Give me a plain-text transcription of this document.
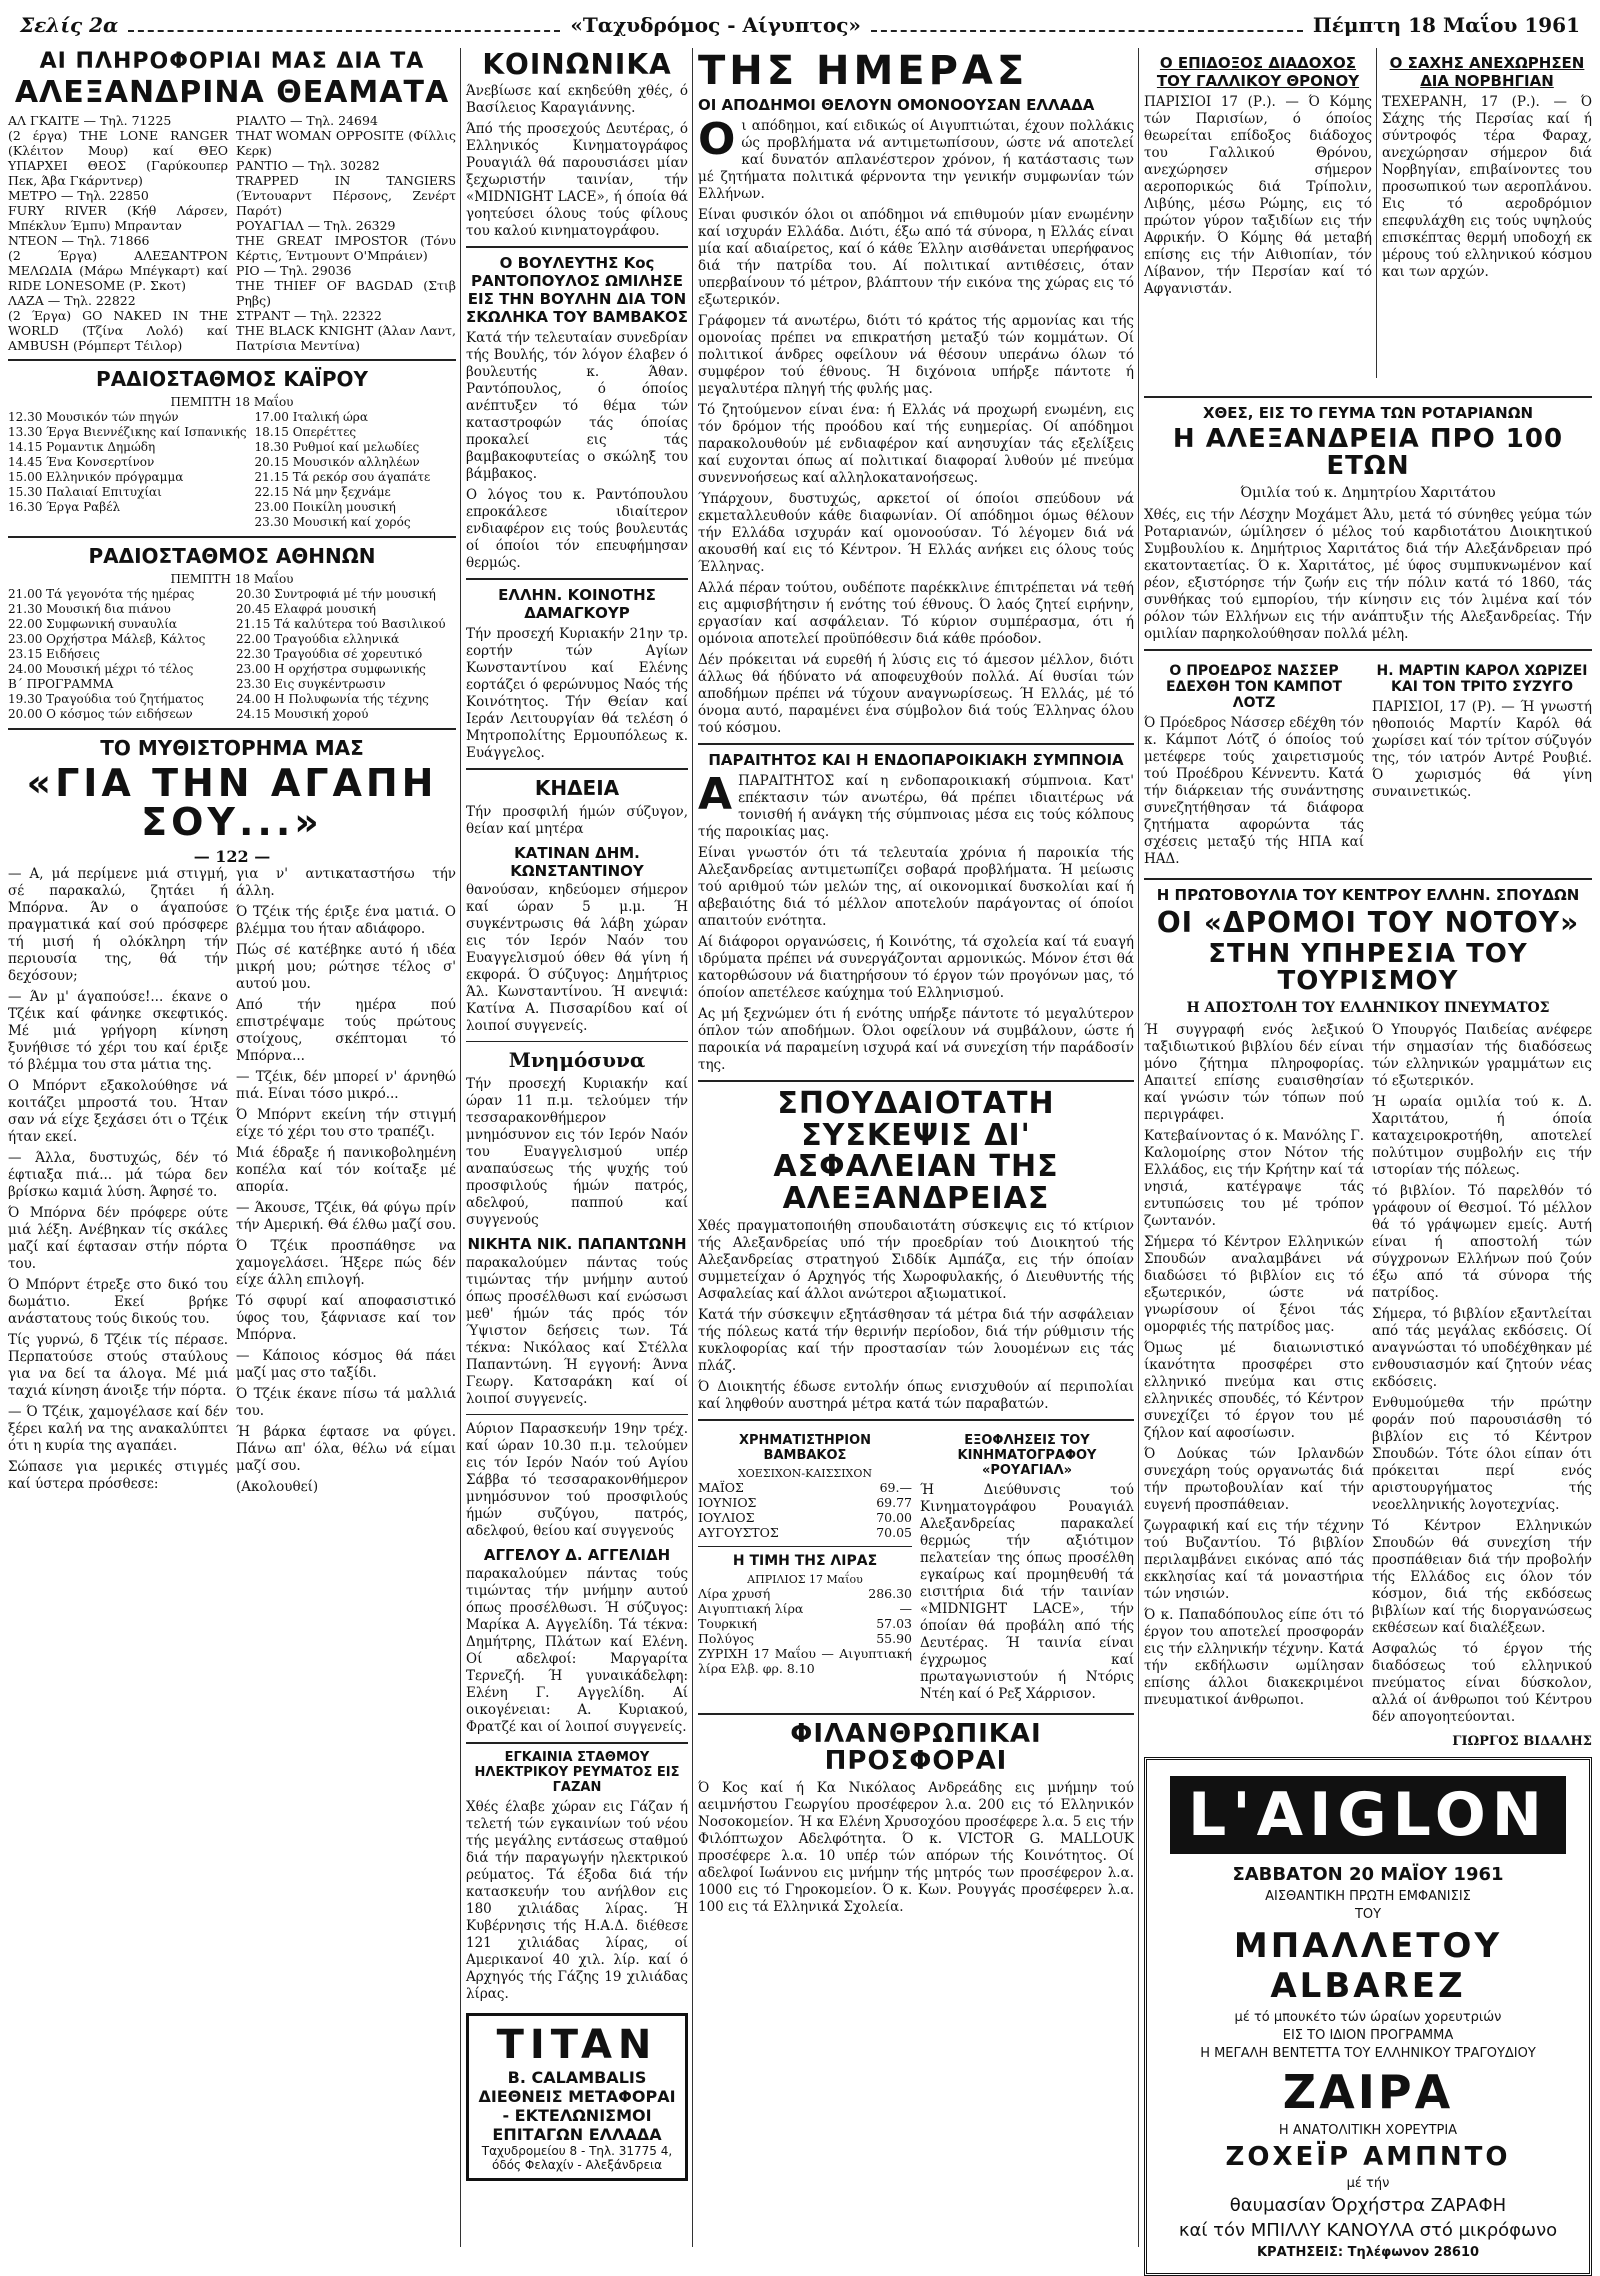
Σελίς 2α	«Ταχυδρόμος - Αίγυπτος»	Πέμπτη 18 Μαΐου 1961
ΑΙ ΠΛΗΡΟΦΟΡΙΑΙ ΜΑΣ ΔΙΑ ΤΑ
ΑΛΕΞΑΝΔΡΙΝΑ ΘΕΑΜΑΤΑ

ΑΛ ΓΚΑΙΤΕ — Τηλ. 71225

(2 έργα) THE LONE RANGER (Κλέιτον Μουρ) καί ΘΕΟ ΥΠΑΡΧΕΙ ΘΕΟΣ (Γαρύκουπερ Πεκ, Άβα Γκάρντνερ)

ΜΕΤΡΟ — Τηλ. 22850

FURY RIVER (Κήθ Λάρσεν, Μπέκλυν Έμπυ) Μπρανταν

ΝΤΕΟΝ — Τηλ. 71866

(2 Έργα) ΑΛΕΞΑΝΤΡΟΝ ΜΕΛΩΔΙΑ (Μάρω Μπέγκαρτ) καί RIDE LONESOME (Ρ. Σκοτ)

ΛΑΖΑ — Τηλ. 22822

(2 Έργα) GO NAKED IN THE WORLD (Τζίνα Λολό) καί AMBUSH (Ρόμπερτ Τέιλορ)

ΡΙΑΛΤΟ — Τηλ. 24694

THAT WOMAN OPPOSITE (Φίλλις Κερκ)

ΡΑΝΤΙΟ — Τηλ. 30282

TRAPPED IN TANGIERS (Έντουαρντ Πέρσονς, Ζενέρτ Παρότ)

ΡΟΥΑΓΙΑΛ — Τηλ. 26329

THE GREAT IMPOSTOR (Τόνυ Κέρτις, Έντμουντ Ο'Μπράιεν)

ΡΙΟ — Τηλ. 29036

THE THIEF OF BAGDAD (Στιβ Ρηβς)

ΣΤΡΑΝΤ — Τηλ. 22322

THE BLACK KNIGHT (Άλαν Λαντ, Πατρίσια Μεντίνα)

ΡΑΔΙΟΣΤΑΘΜΟΣ ΚΑΪΡΟΥ
ΠΕΜΠΤΗ 18 Μαΐου
12.30 Μουσικόν τών πηγών
13.30 Έργα Βιεννέζικης καί Ισπανικής
14.15 Ρομαντικ Δημώδη
14.45 Ένα Κονσερτίνον
15.00 Ελληνικόν πρόγραμμα
15.30 Παλαιαί Επιτυχίαι
16.30 Έργα Ραβέλ
17.00 Ιταλική ώρα
18.15 Οπερέττες
18.30 Ρυθμοί καί μελωδίες
20.15 Μουσικόν αλληλέων
21.15 Τά ρεκόρ σου άγαπάτε
22.15 Νά μην ξεχνάμε
23.00 Ποικίλη μουσική
23.30 Μουσική καί χορός
ΡΑΔΙΟΣΤΑΘΜΟΣ ΑΘΗΝΩΝ
ΠΕΜΠΤΗ 18 Μαΐου
21.00 Τά γεγονότα τής ημέρας
21.30 Μουσική δια πιάνου
22.00 Συμφωνική συναυλία
23.00 Ορχήστρα Μάλεβ, Κάλτος
23.15 Ειδήσεις
24.00 Μουσική μέχρι τό τέλος
Β΄ ΠΡΟΓΡΑΜΜΑ
19.30 Τραγούδια τού ζητήματος
20.00 Ο κόσμος τών ειδήσεων
20.30 Συντροφιά μέ τήν μουσική
20.45 Ελαφρά μουσική
21.15 Τά καλύτερα τού Βασιλικού
22.00 Τραγούδια ελληνικά
22.30 Τραγούδια σέ χορευτικό
23.00 Η ορχήστρα συμφωνικής
23.30 Εις συγκέντρωσιν
24.00 Η Πολυφωνία τής τέχνης
24.15 Μουσική χορού
ΤΟ ΜΥΘΙΣΤΟΡΗΜΑ ΜΑΣ
«ΓΙΑ ΤΗΝ ΑΓΑΠΗ ΣΟΥ...»
— 122 —

— Α, μά περίμενε μιά στιγμή, σέ παρακαλώ, ζητάει ή Μπόρνα. Άν ο άγαπούσε πραγματικά καί σού πρόσφερε τή μισή ή ολόκληρη τήν περιουσία της, θά τήν δεχόσουν;

— Άν μ' άγαπούσε!... έκανε ο Τζέικ καί φάνηκε σκεφτικός. Μέ μιά γρήγορη κίνηση ξυνήθισε τό χέρι του καί έριξε τό βλέμμα του στα μάτια της.

Ο Μπόρντ εξακολούθησε νά κοιτάζει μπροστά του. Ήταν σαν νά είχε ξεχάσει ότι ο Τζέικ ήταν εκεί.

— Άλλα, δυστυχώς, δέν τό έφτιαξα πιά... μά τώρα δεν βρίσκω καμιά λύση. Άφησέ το.

Ό Μπόρνα δέν πρόφερε ούτε μιά λέξη. Ανέβηκαν τίς σκάλες μαζί καί έφτασαν στήν πόρτα του.

Ό Μπόρντ έτρεξε στο δικό του δωμάτιο. Εκεί βρήκε ανάστατους τούς δικούς του.

Τίς γυρνώ, δ Τζέικ τίς πέρασε. Περπατούσε στούς σταύλους για να δεί τα άλογα. Μέ μιά ταχιά κίνηση άνοιξε τήν πόρτα.

— Ό Τζέικ, χαμογέλασε καί δέν ξέρει καλή να της ανακαλύπτει ότι η κυρία της αγαπάει.

Σώπασε για μερικές στιγμές καί ύστερα πρόσθεσε:

για ν' αντικαταστήσω τήν άλλη.

Ό Τζέικ τής έριξε ένα ματιά. Ο βλέμμα του ήταν αδιάφορο.

Πώς σέ κατέβηκε αυτό ή ιδέα μικρή μου; ρώτησε τέλος σ' αυτού μου.

Από τήν ημέρα πού επιστρέψαμε τούς πρώτους στοίχους, σκέπτομαι τό Μπόρνα...

— Τζέικ, δέν μπορεί ν' άρνηθώ πιά. Είναι τόσο μικρό...

Ό Μπόρντ εκείνη τήν στιγμή είχε τό χέρι του στο τραπέζι.

Μιά έδραξε ή πανικοβολημένη κοπέλα καί τόν κοίταξε μέ απορία.

— Άκουσε, Τζέικ, θά φύγω πρίν τήν Αμερική. Θά έλθω μαζί σου.

Ό Τζέικ προσπάθησε να χαμογελάσει. Ήξερε πώς δέν είχε άλλη επιλογή.

Τό σφυρί καί αποφασιστικό ύφος του, ξάφνιασε καί τον Μπόρνα.

— Κάποιος κόσμος θά πάει μαζί μας στο ταξίδι.

Ό Τζέικ έκανε πίσω τά μαλλιά του.

Ή βάρκα έφτασε να φύγει. Πάνω απ' όλα, θέλω νά είμαι μαζί σου.

(Ακολουθεί)

ΚΟΙΝΩΝΙΚΑ

Άνεβίωσε καί εκηδεύθη χθές, ό Βασίλειος Καραγιάννης.

Άπό τής προσεχούς Δευτέρας, ό Ελληνικός Κινηματογράφος Ρουαγιάλ θά παρουσιάσει μίαν ξεχωριστήν ταινίαν, τήν «MIDNIGHT LACE», ή όποία θά γοητεύσει όλους τούς φίλους του καλού κινηματογράφου.

Ο ΒΟΥΛΕΥΤΗΣ Κος ΡΑΝΤΟΠΟΥΛΟΣ ΩΜΙΛΗΣΕ ΕΙΣ ΤΗΝ ΒΟΥΛΗΝ ΔΙΑ ΤΟΝ ΣΚΩΛΗΚΑ ΤΟΥ ΒΑΜΒΑΚΟΣ

Κατά τήν τελευταίαν συνεδρίαν τής Βουλής, τόν λόγον έλαβεν ό βουλευτής κ. Άθαν. Ραντόπουλος, ό όποίος ανέπτυξεν τό θέμα τών καταστροφών τάς όποίας προκαλεί εις τάς βαμβακοφυτείας ο σκώληξ του βάμβακος.

Ο λόγος του κ. Ραντόπουλου επροκάλεσε ιδιαίτερον ενδιαφέρον εις τούς βουλευτάς οί όποίοι τόν επευφήμησαν θερμώς.

ΕΛΛΗΝ. ΚΟΙΝΟΤΗΣ ΔΑΜΑΓΚΟΥΡ

Τήν προσεχή Κυριακήν 21ην τρ. εορτήν τών Αγίων Κωνσταντίνου καί Ελένης εορτάζει ό φερώνυμος Ναός τής Κοινότητος. Τήν Θείαν καί Ιεράν Λειτουργίαν θά τελέση ό Μητροπολίτης Ερμουπόλεως κ. Ευάγγελος.

ΚΗΔΕΙΑ

Τήν προσφιλή ήμών σύζυγον, θείαν καί μητέρα

ΚΑΤΙΝΑΝ ΔΗΜ. ΚΩΝΣΤΑΝΤΙΝΟΥ

θανούσαν, κηδεύομεν σήμερον καί ώραν 5 μ.μ. Ή συγκέντρωσις θά λάβη χώραν εις τόν Ιερόν Ναόν του Ευαγγελισμού όθεν θά γίνη ή εκφορά. Ό σύζυγος: Δημήτριος Άλ. Κωνσταντίνου. Ή ανεψιά: Κατίνα Α. Πισσαρίδου καί οί λοιποί συγγενείς.

Μνημόσυνα

Τήν προσεχή Κυριακήν καί ώραν 11 π.μ. τελούμεν τήν τεσσαρακονθήμερον μνημόσυνον εις τόν Ιερόν Ναόν του Ευαγγελισμού υπέρ αναπαύσεως τής ψυχής τού προσφιλούς ήμών πατρός, αδελφού, παππού καί συγγενούς

ΝΙΚΗΤΑ ΝΙΚ. ΠΑΠΑΝΤΩΝΗ

παρακαλούμεν πάντας τούς τιμώντας τήν μνήμην αυτού όπως προσέλθωσι καί ενώσωσι μεθ' ήμών τάς πρός τόν Ύψιστον δεήσεις των. Τά τέκνα: Νικόλαος καί Στέλλα Παπαντώνη. Ή εγγονή: Άννα Γεωργ. Κατσαράκη καί οί λοιποί συγγενείς.

Αύριον Παρασκευήν 19ην τρέχ. καί ώραν 10.30 π.μ. τελούμεν εις τόν Ιερόν Ναόν τού Αγίου Σάββα τό τεσσαρακονθήμερον μνημόσυνον τού προσφιλούς ήμών συζύγου, πατρός, αδελφού, θείου καί συγγενούς

ΑΓΓΕΛΟΥ Δ. ΑΓΓΕΛΙΔΗ

παρακαλούμεν πάντας τούς τιμώντας τήν μνήμην αυτού όπως προσέλθωσι. Ή σύζυγος: Μαρίκα Α. Αγγελίδη. Τά τέκνα: Δημήτρης, Πλάτων καί Ελένη. Οί αδελφοί: Μαργαρίτα Τερνεζή. Ή γυναικάδελφη: Ελένη Γ. Αγγελίδη. Αί οικογένειαι: Α. Κυριακού, Φρατζέ και οί λοιποί συγγενείς.

ΕΓΚΑΙΝΙΑ ΣΤΑΘΜΟΥ ΗΛΕΚΤΡΙΚΟΥ ΡΕΥΜΑΤΟΣ ΕΙΣ ΓΑΖΑΝ

Χθές έλαβε χώραν εις Γάζαν ή τελετή τών εγκαινίων τού νέου τής μεγάλης εντάσεως σταθμού διά τήν παραγωγήν ηλεκτρικού ρεύματος. Τά έξοδα διά τήν κατασκευήν του ανήλθον εις 180 χιλιάδας λίρας. Ή Κυβέρνησις τής Η.Α.Δ. διέθεσε 121 χιλιάδας λίρας, οί Αμερικανοί 40 χιλ. λίρ. καί ό Αρχηγός τής Γάζης 19 χιλιάδας λίρας.

TITAN
B. CALAMBALIS
ΔΙΕΘΝΕΙΣ ΜΕΤΑΦΟΡΑΙ - ΕΚΤΕΛΩΝΙΣΜΟΙ ΕΠΙΤΑΓΩΝ ΕΛΛΑΔΑ
Ταχυδρομείου 8 - Τηλ. 31775 4, όδός Φελαχίν - Αλεξάνδρεια
ΤΗΣ ΗΜΕΡΑΣ
ΟΙ ΑΠΟΔΗΜΟΙ ΘΕΛΟΥΝ ΟΜΟΝΟΟΥΣΑΝ ΕΛΛΑΔΑ
Ο ι απόδημοι, καί ειδικώς οί Αιγυπτιώται, έχουν πολλάκις ώς προβλήματα νά αντιμετωπίσουν, ώστε νά αποτελεί καί δυνατόν απλανέστερον χρόνον, ή κατάστασις των μέ ζητήματα πολιτικά φέρνοντα την γενικήν συμφωνίαν τών Ελλήνων.

Είναι φυσικόν όλοι οι απόδημοι νά επιθυμούν μίαν ενωμένην καί ισχυράν Ελλάδα. Διότι, έξω από τά σύνορα, η Ελλάς είναι μία καί αδιαίρετος, καί ό κάθε Έλλην αισθάνεται υπερήφανος διά τήν πατρίδα του. Αί πολιτικαί αντιθέσεις, όταν υπερβαίνουν τό μέτρον, βλάπτουν τήν εικόνα της χώρας εις τό εξωτερικόν.

Γράφομεν τά ανωτέρω, διότι τό κράτος τής αρμονίας και τής ομονοίας πρέπει να επικρατήση μεταξύ τών κομμάτων. Οί πολιτικοί άνδρες οφείλουν νά θέσουν υπεράνω όλων τό συμφέρον τού έθνους. Ή διχόνοια υπήρξε πάντοτε ή μεγαλυτέρα πληγή τής φυλής μας.

Τό ζητούμενον είναι ένα: ή Ελλάς νά προχωρή ενωμένη, εις τόν δρόμον τής προόδου καί τής ευημερίας. Οί απόδημοι παρακολουθούν μέ ενδιαφέρον καί ανησυχίαν τάς εξελίξεις καί ευχονται όπως αί πολιτικαί διαφοραί λυθούν μέ πνεύμα συνεννοήσεως καί αλληλοκατανοήσεως.

Ύπάρχουν, δυστυχώς, αρκετοί οί όποίοι σπεύδουν νά εκμεταλλευθούν κάθε διαφωνίαν. Οί απόδημοι όμως θέλουν τήν Ελλάδα ισχυράν καί ομονοούσαν. Τό λέγομεν διά νά ακουσθή καί εις τό Κέντρον. Ή Ελλάς ανήκει εις όλους τούς Έλληνας.

Αλλά πέραν τούτου, ουδέποτε παρέκκλινε έπιτρέπεται νά τεθή εις αμφισβήτησιν ή ενότης τού έθνους. Ό λαός ζητεί ειρήνην, εργασίαν καί ασφάλειαν. Τό κύριον συμπέρασμα, ότι ή ομόνοια αποτελεί προϋπόθεσιν διά κάθε πρόοδον.

Δέν πρόκειται νά ευρεθή ή λύσις εις τό άμεσον μέλλον, διότι άλλως θά ήδύνατο νά αποφευχθούν πολλά. Αί θυσίαι τών αποδήμων πρέπει νά τύχουν αναγνωρίσεως. Ή Ελλάς, μέ τό όνομα αυτό, παραμένει ένα σύμβολον διά τούς Έλληνας όλου τού κόσμου.

ΠΑΡΑΙΤΗΤΟΣ ΚΑΙ Η ΕΝΔΟΠΑΡΟΙΚΙΑΚΗ ΣΥΜΠΝΟΙΑ
Α ΠΑΡΑΙΤΗΤΟΣ καί η ενδοπαροικιακή σύμπνοια. Κατ' επέκτασιν τών ανωτέρω, θά πρέπει ιδιαιτέρως νά τονισθή ή ανάγκη τής σύμπνοιας μέσα εις τούς κόλπους τής παροικίας μας.

Είναι γνωστόν ότι τά τελευταία χρόνια ή παροικία τής Αλεξανδρείας αντιμετωπίζει σοβαρά προβλήματα. Ή μείωσις τού αριθμού τών μελών της, αί οικονομικαί δυσκολίαι καί ή αβεβαιότης διά τό μέλλον αποτελούν παράγοντας οί όποίοι απαιτούν ενότητα.

Αί διάφοροι οργανώσεις, ή Κοινότης, τά σχολεία καί τά ευαγή ιδρύματα πρέπει νά συνεργάζονται αρμονικώς. Μόνον έτσι θά κατορθώσουν νά διατηρήσουν τό έργον τών προγόνων μας, τό όποίον απετέλεσε καύχημα τού Ελληνισμού.

Ας μή ξεχνώμεν ότι ή ενότης υπήρξε πάντοτε τό μεγαλύτερον όπλον τών αποδήμων. Όλοι οφείλουν νά συμβάλουν, ώστε ή παροικία νά παραμείνη ισχυρά καί νά συνεχίση τήν παράδοσίν της.

ΣΠΟΥΔΑΙΟΤΑΤΗ ΣΥΣΚΕΨΙΣ ΔΙ' ΑΣΦΑΛΕΙΑΝ ΤΗΣ ΑΛΕΞΑΝΔΡΕΙΑΣ

Χθές πραγματοποιήθη σπουδαιοτάτη σύσκεψις εις τό κτίριον τής Αλεξανδρείας υπό τήν προεδρίαν τού Διοικητού τής Αλεξανδρείας στρατηγού Σιδδίκ Αμπάζα, εις τήν όποίαν συμμετείχαν ό Αρχηγός τής Χωροφυλακής, ό Διευθυντής τής Ασφαλείας καί άλλοι ανώτεροι αξιωματικοί.

Κατά τήν σύσκεψιν εξητάσθησαν τά μέτρα διά τήν ασφάλειαν τής πόλεως κατά τήν θερινήν περίοδον, διά τήν ρύθμισιν τής κυκλοφορίας καί τήν προστασίαν τών λουομένων εις τάς πλάζ.

Ό Διοικητής έδωσε εντολήν όπως ενισχυθούν αί περιπολίαι καί ληφθούν αυστηρά μέτρα κατά τών παραβατών.

ΧΡΗΜΑΤΙΣΤΗΡΙΟΝ ΒΑΜΒΑΚΟΣ
ΧΟΕΣΙΧΟΝ-ΚΑΙΣΣΙΧΟΝ
ΜΑΪΟΣ	69.—
ΙΟΥΝΙΟΣ	69.77
ΙΟΥΛΙΟΣ	70.00
ΑΥΓΟΥΣΤΟΣ	70.05
Η ΤΙΜΗ ΤΗΣ ΛΙΡΑΣ
ΑΠΡΙΛΙΟΣ 17 Μαΐου
Λίρα χρυσή	286.30
Αιγυπτιακή λίρα	—
Τουρκική	57.03
Πολύγος	55.90

ΖΥΡΙΧΗ 17 Μαΐου — Αιγυπτιακή λίρα Ελβ. φρ. 8.10

ΕΞΟΦΛΗΣΕΙΣ ΤΟΥ ΚΙΝΗΜΑΤΟΓΡΑΦΟΥ «ΡΟΥΑΓΙΑΛ»

Ή Διεύθυνσις τού Κινηματογράφου Ρουαγιάλ Αλεξανδρείας παρακαλεί θερμώς τήν αξιότιμον πελατείαν της όπως προσέλθη εγκαίρως καί προμηθευθή τά εισιτήρια διά τήν ταινίαν «MIDNIGHT LACE», τήν όποίαν θά προβάλη από τής Δευτέρας. Ή ταινία είναι έγχρωμος καί πρωταγωνιστούν ή Ντόρις Ντέη καί ό Ρεξ Χάρρισον.

ΦΙΛΑΝΘΡΩΠΙΚΑΙ ΠΡΟΣΦΟΡΑΙ

Ό Κος καί ή Κα Νικόλαος Ανδρεάδης εις μνήμην τού αειμνήστου Γεωργίου προσέφερον λ.α. 200 εις τό Ελληνικόν Νοσοκομείον. Ή κα Ελένη Χρυσοχόου προσέφερε λ.α. 5 εις τήν Φιλόπτωχον Αδελφότητα. Ό κ. VICTOR G. MALLOUK προσέφερε λ.α. 10 υπέρ τών απόρων τής Κοινότητος. Οί αδελφοί Ιωάννου εις μνήμην τής μητρός των προσέφερον λ.α. 1000 εις τό Γηροκομείον. Ό κ. Κων. Ρουγγάς προσέφερεν λ.α. 100 εις τά Ελληνικά Σχολεία.

Ο ΕΠΙΔΟΞΟΣ ΔΙΑΔΟΧΟΣ ΤΟΥ ΓΑΛΛΙΚΟΥ ΘΡΟΝΟΥ

ΠΑΡΙΣΙΟΙ 17 (Ρ.). — Ό Κόμης τών Παρισίων, ό όποίος θεωρείται επίδοξος διάδοχος του Γαλλικού Θρόνου, ανεχώρησεν σήμερον αεροπορικώς διά Τρίπολιν, Λιβύης, μέσω Ρώμης, εις τό πρώτον γύρον ταξιδίων εις τήν Αφρικήν. Ό Κόμης θά μεταβή επίσης εις τήν Αιθιοπίαν, τόν Λίβανον, τήν Περσίαν καί τό Αφγανιστάν.

Ο ΣΑΧΗΣ ΑΝΕΧΩΡΗΣΕΝ ΔΙΑ ΝΟΡΒΗΓΙΑΝ

ΤΕΧΕΡΑΝΗ, 17 (Ρ.). — Ό Σάχης τής Περσίας καί ή σύντροφός τέρα Φαραχ, ανεχώρησαν σήμερον διά Νορβηγίαν, επιβαίνοντες του προσωπικού των αεροπλάνου. Εις τό αεροδρόμιον επεφυλάχθη εις τούς υψηλούς επισκέπτας θερμή υποδοχή εκ μέρους τού ελληνικού κόσμου και των αρχών.

ΧΘΕΣ, ΕΙΣ ΤΟ ΓΕΥΜΑ ΤΩΝ ΡΟΤΑΡΙΑΝΩΝ
Η ΑΛΕΞΑΝΔΡΕΙΑ ΠΡΟ 100 ΕΤΩΝ
Όμιλία τού κ. Δημητρίου Χαριτάτου

Χθές, εις τήν Λέσχην Μοχάμετ Άλυ, μετά τό σύνηθες γεύμα τών Ροταριανών, ώμίλησεν ό μέλος τού καρδιοτάτου Διοικητικού Συμβουλίου κ. Δημήτριος Χαριτάτος διά τήν Αλεξάνδρειαν πρό εκατονταετίας. Ό κ. Χαριτάτος, μέ ύφος συμπυκνωμένον καί ρέον, εξιστόρησε τήν ζωήν εις τήν πόλιν κατά τό 1860, τάς συνθήκας τού εμπορίου, τήν κίνησιν εις τόν λιμένα καί τόν ρόλον τών Ελλήνων εις τήν ανάπτυξιν τής Αλεξανδρείας. Τήν ομιλίαν παρηκολούθησαν πολλά μέλη.

Ο ΠΡΟΕΔΡΟΣ ΝΑΣΣΕΡ ΕΔΕΧΘΗ ΤΟΝ ΚΑΜΠΟΤ ΛΟΤΖ

Ό Πρόεδρος Νάσσερ εδέχθη τόν κ. Κάμποτ Λότζ ό όποίος τού μετέφερε τούς χαιρετισμούς τού Προέδρου Κέννεντυ. Κατά τήν διάρκειαν τής συνάντησης συνεζητήθησαν τά διάφορα ζητήματα αφορώντα τάς σχέσεις μεταξύ τής ΗΠΑ καί ΗΑΔ.

Η. ΜΑΡΤΙΝ ΚΑΡΟΛ ΧΩΡΙΖΕΙ ΚΑΙ ΤΟΝ ΤΡΙΤΟ ΣΥΖΥΓΟ

ΠΑΡΙΣΙΟΙ, 17 (Ρ). — Ή γνωστή ηθοποιός Μαρτίν Καρόλ θά χωρίσει καί τόν τρίτον σύζυγόν της, τόν ιατρόν Αντρέ Ρουβιέ. Ό χωρισμός θά γίνη συναινετικώς.

Η ΠΡΩΤΟΒΟΥΛΙΑ ΤΟΥ ΚΕΝΤΡΟΥ ΕΛΛΗΝ. ΣΠΟΥΔΩΝ
ΟΙ «ΔΡΟΜΟΙ ΤΟΥ ΝΟΤΟΥ»
ΣΤΗΝ ΥΠΗΡΕΣΙΑ ΤΟΥ ΤΟΥΡΙΣΜΟΥ
Η ΑΠΟΣΤΟΛΗ ΤΟΥ ΕΛΛΗΝΙΚΟΥ ΠΝΕΥΜΑΤΟΣ

Ή συγγραφή ενός λεξικού ταξιδιωτικού βιβλίου δέν είναι μόνο ζήτημα πληροφορίας. Απαιτεί επίσης ευαισθησίαν καί γνώσιν τών τόπων πού περιγράφει.

Κατεβαίνοντας ό κ. Μανόλης Γ. Καλομοίρης στον Νότον τής Ελλάδος, εις τήν Κρήτην καί τά νησιά, κατέγραψε τάς εντυπώσεις του μέ τρόπον ζωντανόν.

Σήμερα τό Κέντρον Ελληνικών Σπουδών αναλαμβάνει νά διαδώσει τό βιβλίον εις τό εξωτερικόν, ώστε νά γνωρίσουν οί ξένοι τάς ομορφιές τής πατρίδος μας.

Όμως μέ διαιωνιστικό ίκανότητα προσφέρει στο ελληνικό πνεύμα και στις ελληνικές σπουδές, τό Κέντρον συνεχίζει τό έργον του μέ ζήλον καί αφοσίωσιν.

Ό Δούκας τών Ιρλανδών συνεχάρη τούς οργανωτάς διά τήν πρωτοβουλίαν καί τήν ευγενή προσπάθειαν.

ζωγραφική καί εις τήν τέχνην τού Βυζαντίου. Τό βιβλίον περιλαμβάνει εικόνας από τάς εκκλησίας καί τά μοναστήρια τών νησιών.

Ό κ. Παπαδόπουλος είπε ότι τό έργον του αποτελεί προσφοράν εις τήν ελληνικήν τέχνην. Κατά τήν εκδήλωσιν ωμίλησαν επίσης άλλοι διακεκριμένοι πνευματικοί άνθρωποι.

Ό Υπουργός Παιδείας ανέφερε τήν σημασίαν τής διαδόσεως τών ελληνικών γραμμάτων εις τό εξωτερικόν.

Ή ωραία ομιλία τού κ. Δ. Χαριτάτου, ή όποία καταχειροκροτήθη, αποτελεί πολύτιμον συμβολήν εις τήν ιστορίαν τής πόλεως.

τό βιβλίον. Τό παρελθόν τό γράφουν οί Θεσμοί. Τό μέλλον θά τό γράψωμεν εμείς. Αυτή είναι ή αποστολή τών σύγχρονων Ελλήνων πού ζούν έξω από τά σύνορα τής πατρίδος.

Σήμερα, τό βιβλίον εξαντλείται από τάς μεγάλας εκδόσεις. Οί αναγνώσται τό υποδέχθηκαν μέ ενθουσιασμόν καί ζητούν νέας εκδόσεις.

Ενθυμούμεθα τήν πρώτην φοράν πού παρουσιάσθη τό βιβλίον εις τό Κέντρον Σπουδών. Τότε όλοι είπαν ότι πρόκειται περί ενός αριστουργήματος τής νεοελληνικής λογοτεχνίας.

Τό Κέντρον Ελληνικών Σπουδών θά συνεχίση τήν προσπάθειαν διά τήν προβολήν τής Ελλάδος εις όλον τόν κόσμον, διά τής εκδόσεως βιβλίων καί τής διοργανώσεως εκθέσεων καί διαλέξεων.

Ασφαλώς τό έργον τής διαδόσεως τού ελληνικού πνεύματος είναι δύσκολον, αλλά οί άνθρωποι τού Κέντρου δέν απογοητεύονται.

ΓΙΩΡΓΟΣ ΒΙΔΑΛΗΣ
L'AIGLON
ΣΑΒΒΑΤΟΝ 20 ΜΑΪΟΥ 1961
ΑΙΣΘΑΝΤΙΚΗ ΠΡΩΤΗ ΕΜΦΑΝΙΣΙΣ
ΤΟΥ
ΜΠΑΛΛΕΤΟΥ ALBAREZ
μέ τό μπουκέτο τών ώραίων χορευτριών
ΕΙΣ ΤΟ ΙΔΙΟΝ ΠΡΟΓΡΑΜΜΑ
Η ΜΕΓΑΛΗ ΒΕΝΤΕΤΤΑ ΤΟΥ ΕΛΛΗΝΙΚΟΥ ΤΡΑΓΟΥΔΙΟΥ
ΖΑΙΡΑ
Η ΑΝΑΤΟΛΙΤΙΚΗ ΧΟΡΕΥΤΡΙΑ
ΖΟΧΕΪΡ ΑΜΠΝΤΟ
μέ τήν
θαυμασίαν Όρχήστρα ΖΑΡΑΦΗ
καί τόν ΜΠΙΛΛΥ ΚΑΝΟΥΛΑ στό μικρόφωνο
ΚΡΑΤΗΣΕΙΣ: Τηλέφωνον 28610
